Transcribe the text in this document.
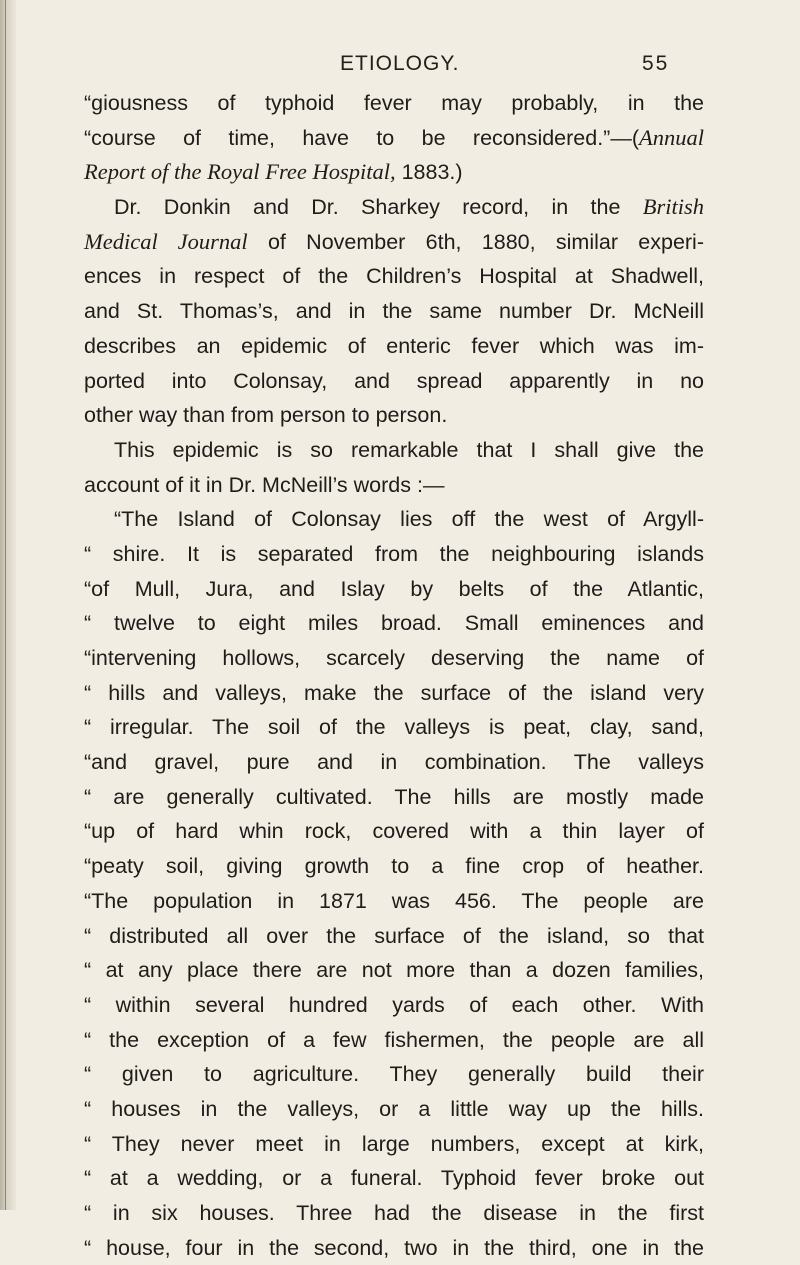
ETIOLOGY.	55
“giousness of typhoid fever may probably, in the
“course of time, have to be reconsidered.”—(Annual
Report of the Royal Free Hospital, 1883.)
Dr. Donkin and Dr. Sharkey record, in the British
Medical Journal of November 6th, 1880, similar experi-
ences in respect of the Children’s Hospital at Shadwell,
and St. Thomas’s, and in the same number Dr. McNeill
describes an epidemic of enteric fever which was im-
ported into Colonsay, and spread apparently in no
other way than from person to person.
This epidemic is so remarkable that I shall give the
account of it in Dr. McNeill’s words :—
“The Island of Colonsay lies off the west of Argyll-
“ shire. It is separated from the neighbouring islands
“of Mull, Jura, and Islay by belts of the Atlantic,
“ twelve to eight miles broad. Small eminences and
“intervening hollows, scarcely deserving the name of
“ hills and valleys, make the surface of the island very
“ irregular. The soil of the valleys is peat, clay, sand,
“and gravel, pure and in combination. The valleys
“ are generally cultivated. The hills are mostly made
“up of hard whin rock, covered with a thin layer of
“peaty soil, giving growth to a fine crop of heather.
“The population in 1871 was 456. The people are
“ distributed all over the surface of the island, so that
“ at any place there are not more than a dozen families,
“ within several hundred yards of each other. With
“ the exception of a few fishermen, the people are all
“ given to agriculture. They generally build their
“ houses in the valleys, or a little way up the hills.
“ They never meet in large numbers, except at kirk,
“ at a wedding, or a funeral. Typhoid fever broke out
“ in six houses. Three had the disease in the first
“ house, four in the second, two in the third, one in the
